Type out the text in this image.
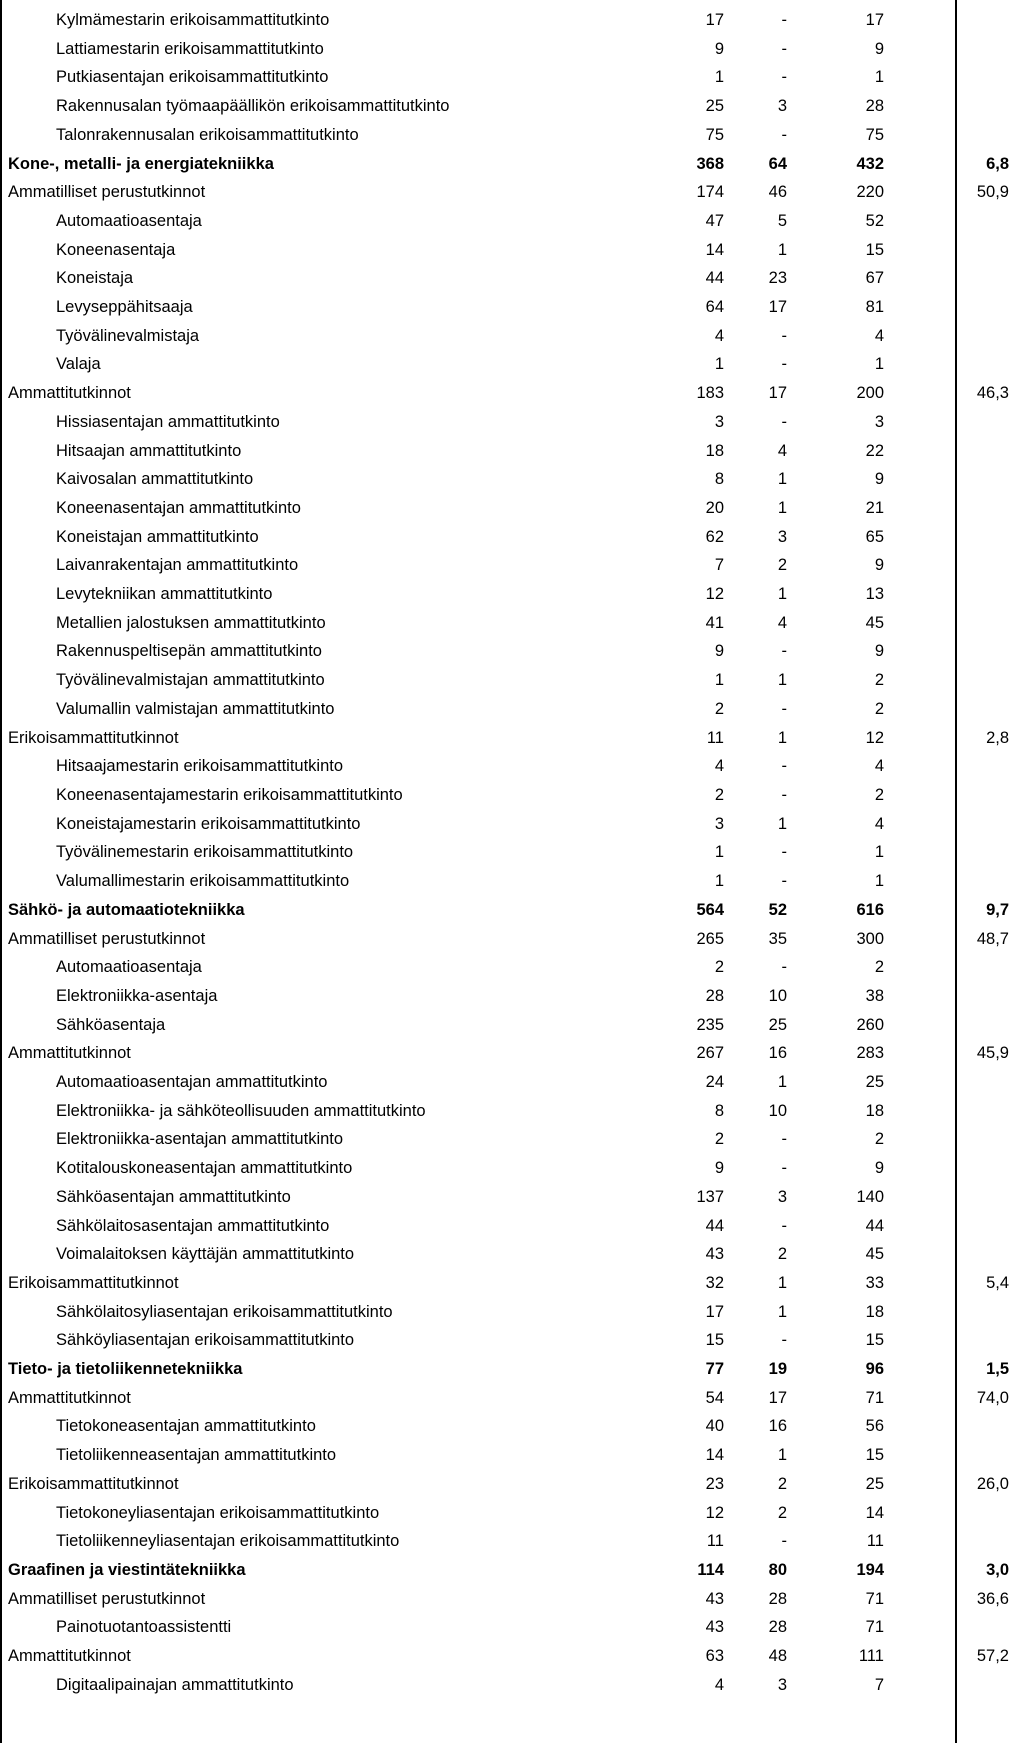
Kylmämestarin erikoisammattitutkinto	17	-	17	
Lattiamestarin erikoisammattitutkinto	9	-	9	
Putkiasentajan erikoisammattitutkinto	1	-	1	
Rakennusalan työmaapäällikön erikoisammattitutkinto	25	3	28	
Talonrakennusalan erikoisammattitutkinto	75	-	75	
Kone-, metalli- ja energiatekniikka	368	64	432	6,8
Ammatilliset perustutkinnot	174	46	220	50,9
Automaatioasentaja	47	5	52	
Koneenasentaja	14	1	15	
Koneistaja	44	23	67	
Levyseppähitsaaja	64	17	81	
Työvälinevalmistaja	4	-	4	
Valaja	1	-	1	
Ammattitutkinnot	183	17	200	46,3
Hissiasentajan ammattitutkinto	3	-	3	
Hitsaajan ammattitutkinto	18	4	22	
Kaivosalan ammattitutkinto	8	1	9	
Koneenasentajan ammattitutkinto	20	1	21	
Koneistajan ammattitutkinto	62	3	65	
Laivanrakentajan ammattitutkinto	7	2	9	
Levytekniikan ammattitutkinto	12	1	13	
Metallien jalostuksen ammattitutkinto	41	4	45	
Rakennuspeltisepän ammattitutkinto	9	-	9	
Työvälinevalmistajan ammattitutkinto	1	1	2	
Valumallin valmistajan ammattitutkinto	2	-	2	
Erikoisammattitutkinnot	11	1	12	2,8
Hitsaajamestarin erikoisammattitutkinto	4	-	4	
Koneenasentajamestarin erikoisammattitutkinto	2	-	2	
Koneistajamestarin erikoisammattitutkinto	3	1	4	
Työvälinemestarin erikoisammattitutkinto	1	-	1	
Valumallimestarin erikoisammattitutkinto	1	-	1	
Sähkö- ja automaatiotekniikka	564	52	616	9,7
Ammatilliset perustutkinnot	265	35	300	48,7
Automaatioasentaja	2	-	2	
Elektroniikka-asentaja	28	10	38	
Sähköasentaja	235	25	260	
Ammattitutkinnot	267	16	283	45,9
Automaatioasentajan ammattitutkinto	24	1	25	
Elektroniikka- ja sähköteollisuuden ammattitutkinto	8	10	18	
Elektroniikka-asentajan ammattitutkinto	2	-	2	
Kotitalouskoneasentajan ammattitutkinto	9	-	9	
Sähköasentajan ammattitutkinto	137	3	140	
Sähkölaitosasentajan ammattitutkinto	44	-	44	
Voimalaitoksen käyttäjän ammattitutkinto	43	2	45	
Erikoisammattitutkinnot	32	1	33	5,4
Sähkölaitosyliasentajan erikoisammattitutkinto	17	1	18	
Sähköyliasentajan erikoisammattitutkinto	15	-	15	
Tieto- ja tietoliikennetekniikka	77	19	96	1,5
Ammattitutkinnot	54	17	71	74,0
Tietokoneasentajan ammattitutkinto	40	16	56	
Tietoliikenneasentajan ammattitutkinto	14	1	15	
Erikoisammattitutkinnot	23	2	25	26,0
Tietokoneyliasentajan erikoisammattitutkinto	12	2	14	
Tietoliikenneyliasentajan erikoisammattitutkinto	11	-	11	
Graafinen ja viestintätekniikka	114	80	194	3,0
Ammatilliset perustutkinnot	43	28	71	36,6
Painotuotantoassistentti	43	28	71	
Ammattitutkinnot	63	48	111	57,2
Digitaalipainajan ammattitutkinto	4	3	7	
